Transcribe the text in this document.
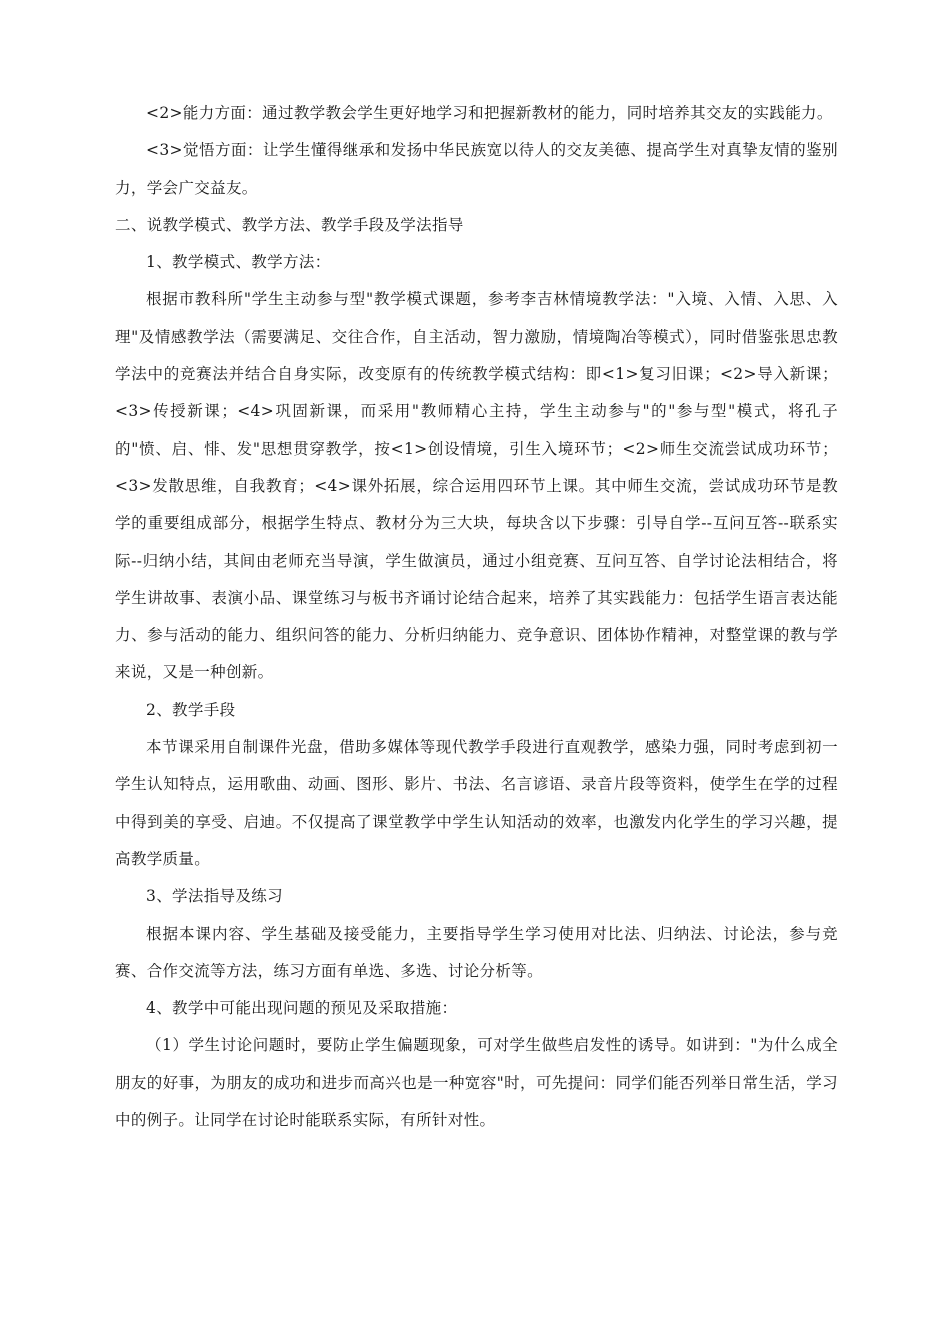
<2>能力方面：通过教学教会学生更好地学习和把握新教材的能力，同时培养其交友的实践能力。

<3>觉悟方面：让学生懂得继承和发扬中华民族宽以待人的交友美德、提高学生对真挚友情的鉴别力，学会广交益友。

二、说教学模式、教学方法、教学手段及学法指导

1、教学模式、教学方法：

根据市教科所"学生主动参与型"教学模式课题，参考李吉林情境教学法："入境、入情、入思、入理"及情感教学法（需要满足、交往合作，自主活动，智力激励，情境陶冶等模式），同时借鉴张思忠教学法中的竞赛法并结合自身实际，改变原有的传统教学模式结构：即<1>复习旧课；<2>导入新课；<3>传授新课；<4>巩固新课，而采用"教师精心主持，学生主动参与"的"参与型"模式，将孔子的"愤、启、悱、发"思想贯穿教学，按<1>创设情境，引生入境环节；<2>师生交流尝试成功环节；<3>发散思维，自我教育；<4>课外拓展，综合运用四环节上课。其中师生交流，尝试成功环节是教学的重要组成部分，根据学生特点、教材分为三大块，每块含以下步骤：引导自学--互问互答--联系实际--归纳小结，其间由老师充当导演，学生做演员，通过小组竞赛、互问互答、自学讨论法相结合，将学生讲故事、表演小品、课堂练习与板书齐诵讨论结合起来，培养了其实践能力：包括学生语言表达能力、参与活动的能力、组织问答的能力、分析归纳能力、竞争意识、团体协作精神，对整堂课的教与学来说，又是一种创新。

2、教学手段

本节课采用自制课件光盘，借助多媒体等现代教学手段进行直观教学，感染力强，同时考虑到初一学生认知特点，运用歌曲、动画、图形、影片、书法、名言谚语、录音片段等资料，使学生在学的过程中得到美的享受、启迪。不仅提高了课堂教学中学生认知活动的效率，也激发内化学生的学习兴趣，提高教学质量。

3、学法指导及练习

根据本课内容、学生基础及接受能力，主要指导学生学习使用对比法、归纳法、讨论法，参与竞赛、合作交流等方法，练习方面有单选、多选、讨论分析等。

4、教学中可能出现问题的预见及采取措施：

（1）学生讨论问题时，要防止学生偏题现象，可对学生做些启发性的诱导。如讲到："为什么成全朋友的好事，为朋友的成功和进步而高兴也是一种宽容"时，可先提问：同学们能否列举日常生活，学习中的例子。让同学在讨论时能联系实际，有所针对性。
